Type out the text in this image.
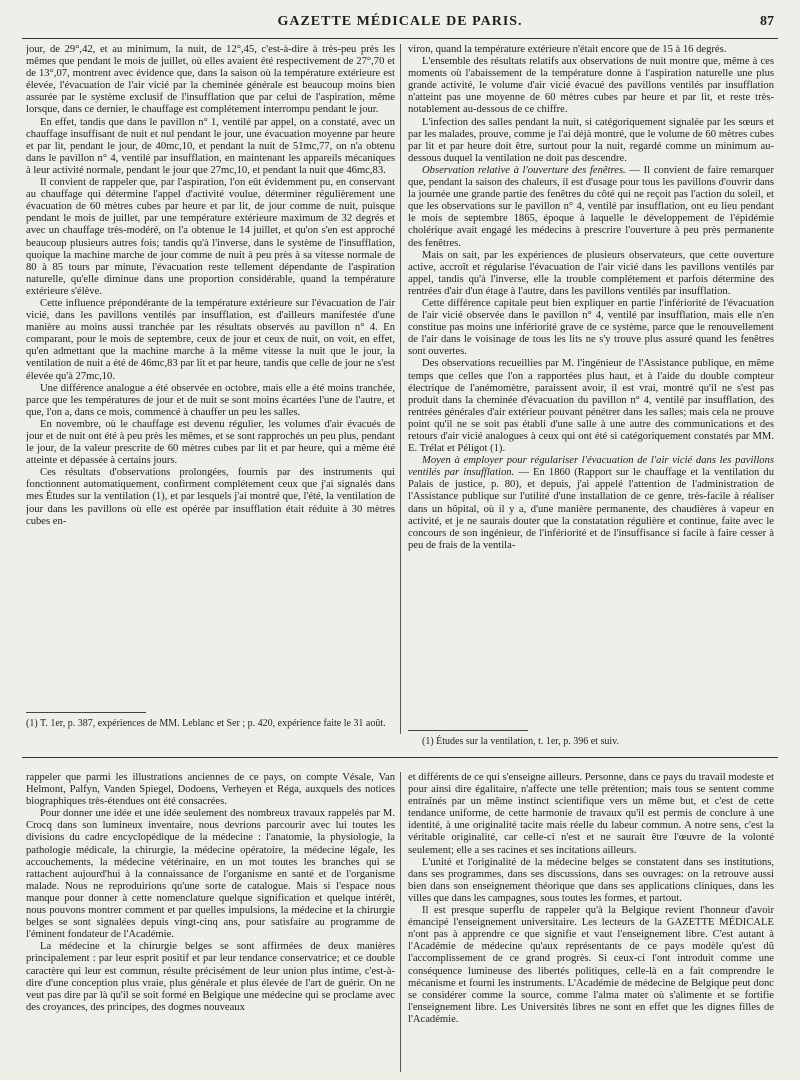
GAZETTE MÉDICALE DE PARIS.	87

jour, de 29°,42, et au minimum, la nuit, de 12°,45, c'est-à-dire à très-peu près les mêmes que pendant le mois de juillet, où elles avaient été respectivement de 27°,70 et de 13°,07, montrent avec évidence que, dans la saison où la température extérieure est élevée, l'évacuation de l'air vicié par la cheminée générale est beaucoup moins bien assurée par le système exclusif de l'insufflation que par celui de l'aspiration, même lorsque, dans ce dernier, le chauffage est complétement interrompu pendant le jour.

En effet, tandis que dans le pavillon n° 1, ventilé par appel, on a constaté, avec un chauffage insuffisant de nuit et nul pendant le jour, une évacuation moyenne par heure et par lit, pendant le jour, de 40mc,10, et pendant la nuit de 51mc,77, on n'a obtenu dans le pavillon n° 4, ventilé par insufflation, en maintenant les appareils mécaniques à leur activité normale, pendant le jour que 27mc,10, et pendant la nuit que 46mc,83.

Il convient de rappeler que, par l'aspiration, l'on eût évidemment pu, en conservant au chauffage qui détermine l'appel d'activité voulue, déterminer régulièrement une évacuation de 60 mètres cubes par heure et par lit, de jour comme de nuit, puisque pendant le mois de juillet, par une température extérieure maximum de 32 degrés et avec un chauffage très-modéré, on l'a obtenue le 14 juillet, et qu'on s'en est approché beaucoup plusieurs autres fois; tandis qu'à l'inverse, dans le système de l'insufflation, quoique la machine marche de jour comme de nuit à peu près à sa vitesse normale de 80 à 85 tours par minute, l'évacuation reste tellement dépendante de l'aspiration naturelle, qu'elle diminue dans une proportion considérable, quand la température extérieure s'élève.

Cette influence prépondérante de la température extérieure sur l'évacuation de l'air vicié, dans les pavillons ventilés par insufflation, est d'ailleurs manifestée d'une manière au moins aussi tranchée par les résultats observés au pavillon n° 4. En comparant, pour le mois de septembre, ceux de jour et ceux de nuit, on voit, en effet, qu'en admettant que la machine marche à la même vitesse la nuit que le jour, la ventilation de nuit a été de 46mc,83 par lit et par heure, tandis que celle de jour ne s'est élevée qu'à 27mc,10.

Une différence analogue a été observée en octobre, mais elle a été moins tranchée, parce que les températures de jour et de nuit se sont moins écartées l'une de l'autre, et que, l'on a, dans ce mois, commencé à chauffer un peu les salles.

En novembre, où le chauffage est devenu régulier, les volumes d'air évacués de jour et de nuit ont été à peu près les mêmes, et se sont rapprochés un peu plus, pendant le jour, de la valeur prescrite de 60 mètres cubes par lit et par heure, qui a même été atteinte et dépassée à certains jours.

Ces résultats d'observations prolongées, fournis par des instruments qui fonctionnent automatiquement, confirment complétement ceux que j'ai signalés dans mes Études sur la ventilation (1), et par lesquels j'ai montré que, l'été, la ventilation de jour dans les pavillons où elle est opérée par insufflation était réduite à 30 mètres cubes en-

viron, quand la température extérieure n'était encore que de 15 à 16 degrés.

L'ensemble des résultats relatifs aux observations de nuit montre que, même à ces moments où l'abaissement de la température donne à l'aspiration naturelle une plus grande activité, le volume d'air vicié évacué des pavillons ventilés par insufflation n'atteint pas une moyenne de 60 mètres cubes par heure et par lit, et reste très-notablement au-dessous de ce chiffre.

L'infection des salles pendant la nuit, si catégoriquement signalée par les sœurs et par les malades, prouve, comme je l'ai déjà montré, que le volume de 60 mètres cubes par lit et par heure doit être, surtout pour la nuit, regardé comme un minimum au-dessous duquel la ventilation ne doit pas descendre.

Observation relative à l'ouverture des fenêtres. — Il convient de faire remarquer que, pendant la saison des chaleurs, il est d'usage pour tous les pavillons d'ouvrir dans la journée une grande partie des fenêtres du côté qui ne reçoit pas l'action du soleil, et que les observations sur le pavillon n° 4, ventilé par insufflation, ont eu lieu pendant le mois de septembre 1865, époque à laquelle le développement de l'épidémie cholérique avait engagé les médecins à prescrire l'ouverture à peu près permanente des fenêtres.

Mais on sait, par les expériences de plusieurs observateurs, que cette ouverture active, accroît et régularise l'évacuation de l'air vicié dans les pavillons ventilés par appel, tandis qu'à l'inverse, elle la trouble complétement et parfois détermine des rentrées d'air d'un étage à l'autre, dans les pavillons ventilés par insufflation.

Cette différence capitale peut bien expliquer en partie l'infériorité de l'évacuation de l'air vicié observée dans le pavillon n° 4, ventilé par insufflation, mais elle n'en constitue pas moins une infériorité grave de ce système, parce que le renouvellement de l'air dans le voisinage de tous les lits ne s'y trouve plus assuré quand les fenêtres sont ouvertes.

Des observations recueillies par M. l'ingénieur de l'Assistance publique, en même temps que celles que l'on a rapportées plus haut, et à l'aide du double compteur électrique de l'anémomètre, paraissent avoir, il est vrai, montré qu'il ne s'est pas produit dans la cheminée d'évacuation du pavillon n° 4, ventilé par insufflation, des rentrées générales d'air extérieur pouvant pénétrer dans les salles; mais cela ne prouve point qu'il ne se soit pas établi d'une salle à une autre des communications et des retours d'air vicié analogues à ceux qui ont été si catégoriquement constatés par MM. E. Trélat et Péligot (1).

Moyen à employer pour régulariser l'évacuation de l'air vicié dans les pavillons ventilés par insufflation. — En 1860 (Rapport sur le chauffage et la ventilation du Palais de justice, p. 80), et depuis, j'ai appelé l'attention de l'administration de l'Assistance publique sur l'utilité d'une installation de ce genre, très-facile à réaliser dans un hôpital, où il y a, d'une manière permanente, des chaudières à vapeur en activité, et je ne saurais douter que la constatation régulière et continue, faite avec le concours de son ingénieur, de l'infériorité et de l'insuffisance si facile à faire cesser à peu de frais de la ventila-

(1) T. 1er, p. 387, expériences de MM. Leblanc et Ser ; p. 420, expérience faite le 31 août.
(1) Études sur la ventilation, t. 1er, p. 396 et suiv.

rappeler que parmi les illustrations anciennes de ce pays, on compte Vésale, Van Helmont, Palfyn, Vanden Spiegel, Dodoens, Verheyen et Réga, auxquels des notices biographiques très-étendues ont été consacrées.

Pour donner une idée et une idée seulement des nombreux travaux rappelés par M. Crocq dans son lumineux inventaire, nous devrions parcourir avec lui toutes les divisions du cadre encyclopédique de la médecine : l'anatomie, la physiologie, la pathologie médicale, la chirurgie, la médecine opératoire, la médecine légale, les accouchements, la médecine vétérinaire, en un mot toutes les branches qui se rattachent aujourd'hui à la connaissance de l'organisme en santé et de l'organisme malade. Nous ne reproduirions qu'une sorte de catalogue. Mais si l'espace nous manque pour donner à cette nomenclature quelque signification et quelque intérêt, nous pouvons montrer comment et par quelles impulsions, la médecine et la chirurgie belges se sont signalées depuis vingt-cinq ans, pour satisfaire au programme de l'éminent fondateur de l'Académie.

La médecine et la chirurgie belges se sont affirmées de deux manières principalement : par leur esprit positif et par leur tendance conservatrice; et ce double caractère qui leur est commun, résulte précisément de leur union plus intime, c'est-à-dire d'une conception plus vraie, plus générale et plus élevée de l'art de guérir. On ne veut pas dire par là qu'il se soit formé en Belgique une médecine qui se proclame avec des croyances, des principes, des dogmes nouveaux

et différents de ce qui s'enseigne ailleurs. Personne, dans ce pays du travail modeste et pour ainsi dire égalitaire, n'affecte une telle prétention; mais tous se sentent comme entraînés par un même instinct scientifique vers un même but, et c'est de cette tendance uniforme, de cette harmonie de travaux qu'il est permis de conclure à une identité, à une originalité tacite mais réelle du labeur commun. A notre sens, c'est la véritable originalité, car celle-ci n'est et ne saurait être l'œuvre de la volonté seulement; elle a ses racines et ses incitations ailleurs.

L'unité et l'originalité de la médecine belges se constatent dans ses institutions, dans ses programmes, dans ses discussions, dans ses ouvrages: on la retrouve aussi bien dans son enseignement théorique que dans ses applications cliniques, dans les villes que dans les campagnes, sous toutes les formes, et partout.

Il est presque superflu de rappeler qu'à la Belgique revient l'honneur d'avoir émancipé l'enseignement universitaire. Les lecteurs de la GAZETTE MÉDICALE n'ont pas à apprendre ce que signifie et vaut l'enseignement libre. C'est autant à l'Académie de médecine qu'aux représentants de ce pays modèle qu'est dû l'accomplissement de ce grand progrès. Si ceux-ci l'ont introduit comme une conséquence lumineuse des libertés politiques, celle-là en a fait comprendre le mécanisme et fourni les instruments. L'Académie de médecine de Belgique peut donc se considérer comme la source, comme l'alma mater où s'alimente et se fortifie l'enseignement libre. Les Universités libres ne sont en effet que les dignes filles de l'Académie.
